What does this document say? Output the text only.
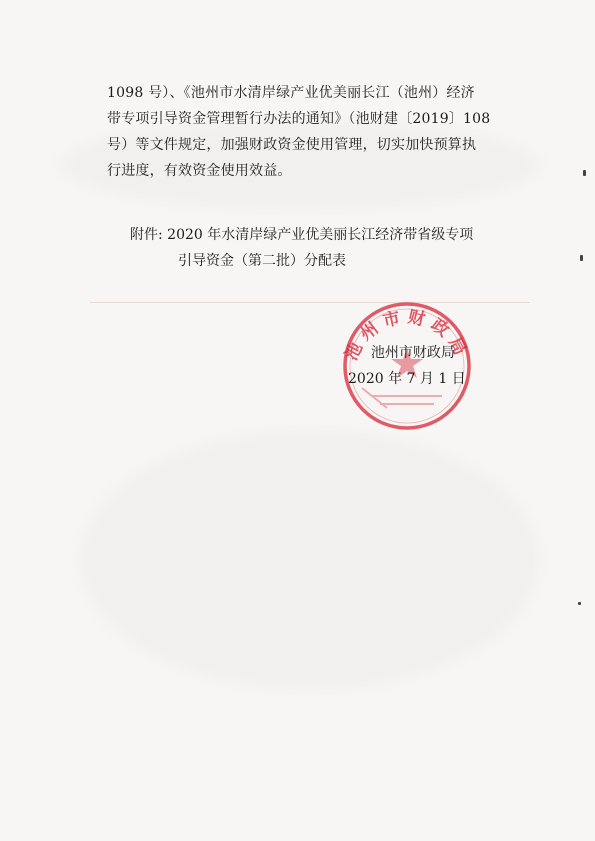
1098 号）、《池州市水清岸绿产业优美丽长江（池州）经济
带专项引导资金管理暂行办法的通知》（池财建〔2019〕108
号）等文件规定，加强财政资金使用管理，切实加快预算执
行进度，有效资金使用效益。
附件: 2020 年水清岸绿产业优美丽长江经济带省级专项
引导资金（第二批）分配表
池州市财政局
池州市财政局
2020 年 7 月 1 日
